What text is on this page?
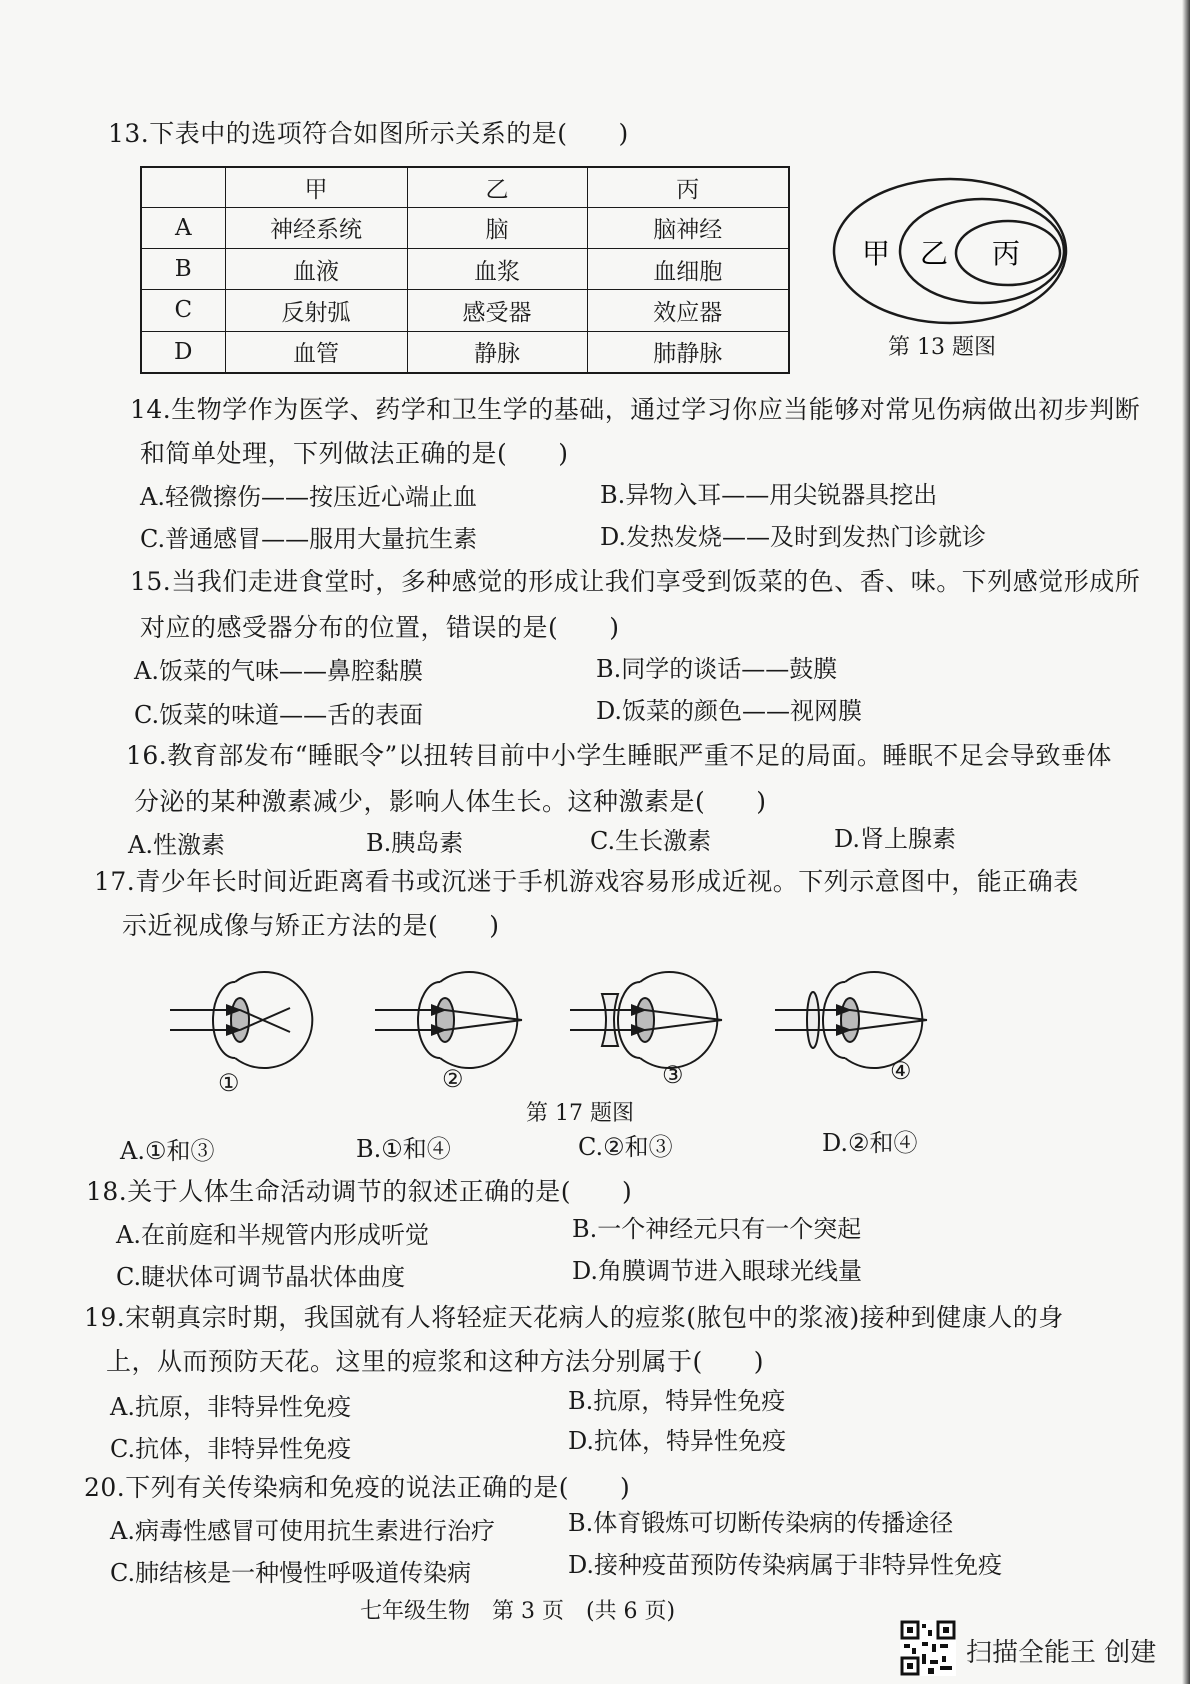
13.下表中的选项符合如图所示关系的是(　　)
	甲	乙	丙
A	神经系统	脑	脑神经
B	血液	血浆	血细胞
C	反射弧	感受器	效应器
D	血管	静脉	肺静脉
甲 乙 丙
第 13 题图
14.生物学作为医学、药学和卫生学的基础，通过学习你应当能够对常见伤病做出初步判断
和简单处理，下列做法正确的是(　　)
A.轻微擦伤——按压近心端止血	B.异物入耳——用尖锐器具挖出
C.普通感冒——服用大量抗生素	D.发热发烧——及时到发热门诊就诊
15.当我们走进食堂时，多种感觉的形成让我们享受到饭菜的色、香、味。下列感觉形成所
对应的感受器分布的位置，错误的是(　　)
A.饭菜的气味——鼻腔黏膜	B.同学的谈话——鼓膜
C.饭菜的味道——舌的表面	D.饭菜的颜色——视网膜
16.教育部发布“睡眠令”以扭转目前中小学生睡眠严重不足的局面。睡眠不足会导致垂体
分泌的某种激素减少，影响人体生长。这种激素是(　　)
A.性激素	B.胰岛素	C.生长激素	D.肾上腺素
17.青少年长时间近距离看书或沉迷于手机游戏容易形成近视。下列示意图中，能正确表
示近视成像与矫正方法的是(　　)
①	②	③	④
第 17 题图
A.①和③	B.①和④	C.②和③	D.②和④
18.关于人体生命活动调节的叙述正确的是(　　)
A.在前庭和半规管内形成听觉	B.一个神经元只有一个突起
C.睫状体可调节晶状体曲度	D.角膜调节进入眼球光线量
19.宋朝真宗时期，我国就有人将轻症天花病人的痘浆(脓包中的浆液)接种到健康人的身
上，从而预防天花。这里的痘浆和这种方法分别属于(　　)
A.抗原，非特异性免疫	B.抗原，特异性免疫
C.抗体，非特异性免疫	D.抗体，特异性免疫
20.下列有关传染病和免疫的说法正确的是(　　)
A.病毒性感冒可使用抗生素进行治疗	B.体育锻炼可切断传染病的传播途径
C.肺结核是一种慢性呼吸道传染病	D.接种疫苗预防传染病属于非特异性免疫
七年级生物　第 3 页　(共 6 页)
扫描全能王 创建
